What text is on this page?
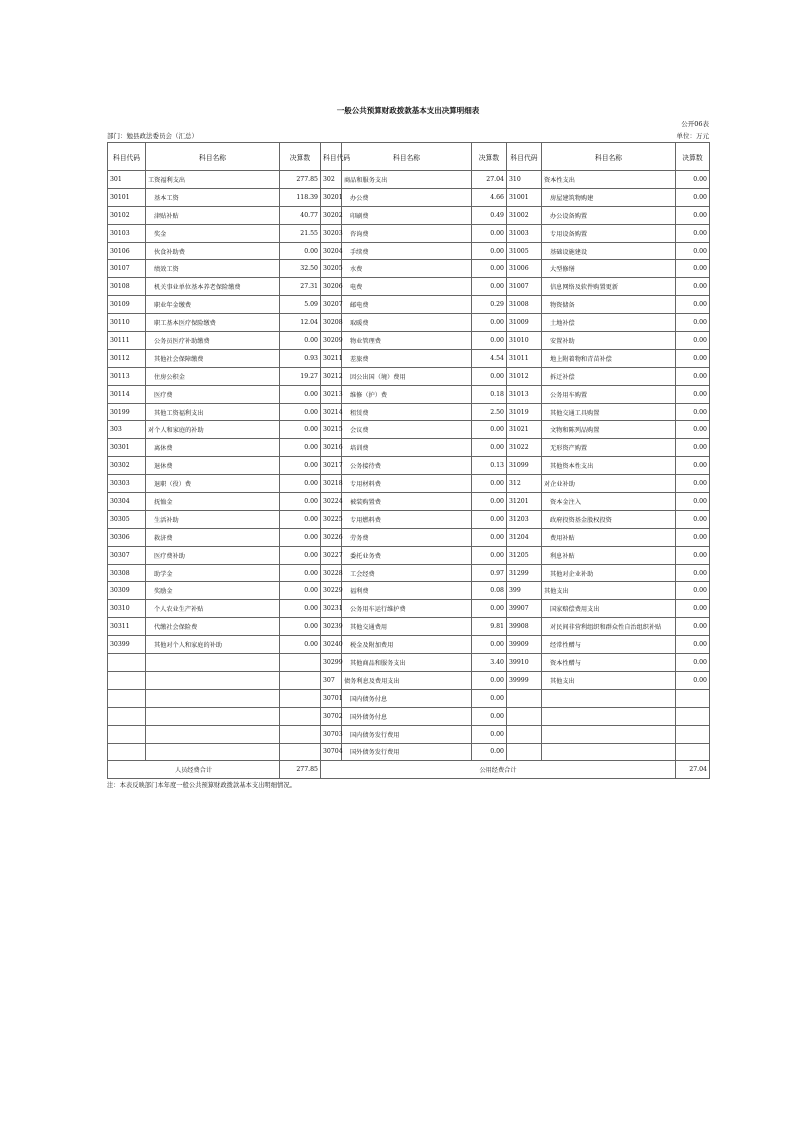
一般公共预算财政拨款基本支出决算明细表
公开06表
部门：勉县政法委员会（汇总）	单位：万元
科目代码	科目名称	决算数	科目代码	科目名称	决算数	科目代码	科目名称	决算数
301	工资福利支出	277.85	302	商品和服务支出	27.04	310	资本性支出	0.00
30101	基本工资	118.39	30201	办公费	4.66	31001	房屋建筑物购建	0.00
30102	津贴补贴	40.77	30202	印刷费	0.49	31002	办公设备购置	0.00
30103	奖金	21.55	30203	咨询费	0.00	31003	专用设备购置	0.00
30106	伙食补助费	0.00	30204	手续费	0.00	31005	基础设施建设	0.00
30107	绩效工资	32.50	30205	水费	0.00	31006	大型修缮	0.00
30108	机关事业单位基本养老保险缴费	27.31	30206	电费	0.00	31007	信息网络及软件购置更新	0.00
30109	职业年金缴费	5.09	30207	邮电费	0.29	31008	物资储备	0.00
30110	职工基本医疗保险缴费	12.04	30208	取暖费	0.00	31009	土地补偿	0.00
30111	公务员医疗补助缴费	0.00	30209	物业管理费	0.00	31010	安置补助	0.00
30112	其他社会保障缴费	0.93	30211	差旅费	4.54	31011	地上附着物和青苗补偿	0.00
30113	住房公积金	19.27	30212	因公出国（境）费用	0.00	31012	拆迁补偿	0.00
30114	医疗费	0.00	30213	维修（护）费	0.18	31013	公务用车购置	0.00
30199	其他工资福利支出	0.00	30214	租赁费	2.50	31019	其他交通工具购置	0.00
303	对个人和家庭的补助	0.00	30215	会议费	0.00	31021	文物和陈列品购置	0.00
30301	离休费	0.00	30216	培训费	0.00	31022	无形资产购置	0.00
30302	退休费	0.00	30217	公务接待费	0.13	31099	其他资本性支出	0.00
30303	退职（役）费	0.00	30218	专用材料费	0.00	312	对企业补助	0.00
30304	抚恤金	0.00	30224	被装购置费	0.00	31201	资本金注入	0.00
30305	生活补助	0.00	30225	专用燃料费	0.00	31203	政府投资基金股权投资	0.00
30306	救济费	0.00	30226	劳务费	0.00	31204	费用补贴	0.00
30307	医疗费补助	0.00	30227	委托业务费	0.00	31205	利息补贴	0.00
30308	助学金	0.00	30228	工会经费	0.97	31299	其他对企业补助	0.00
30309	奖励金	0.00	30229	福利费	0.08	399	其他支出	0.00
30310	个人农业生产补贴	0.00	30231	公务用车运行维护费	0.00	39907	国家赔偿费用支出	0.00
30311	代缴社会保险费	0.00	30239	其他交通费用	9.81	39908	对民间非营利组织和群众性自治组织补贴	0.00
30399	其他对个人和家庭的补助	0.00	30240	税金及附加费用	0.00	39909	经常性赠与	0.00
			30299	其他商品和服务支出	3.40	39910	资本性赠与	0.00
			307	债务利息及费用支出	0.00	39999	其他支出	0.00
			30701	国内债务付息	0.00			
			30702	国外债务付息	0.00			
			30703	国内债务发行费用	0.00			
			30704	国外债务发行费用	0.00			
人员经费合计		277.85	公用经费合计					27.04
注：本表反映部门本年度一般公共预算财政拨款基本支出明细情况。
